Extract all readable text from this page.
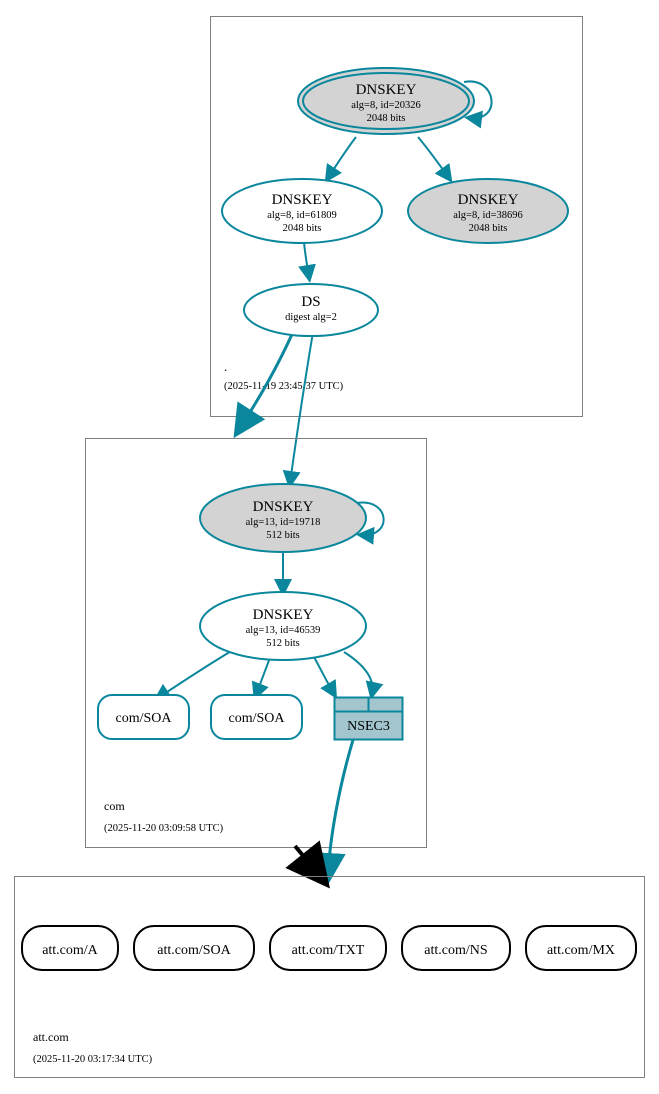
.
(2025-11-19 23:45:37 UTC)
DNSKEY
alg=8, id=20326
2048 bits
DNSKEY
alg=8, id=61809
2048 bits
DNSKEY
alg=8, id=38696
2048 bits
DS
digest alg=2
com
(2025-11-20 03:09:58 UTC)
DNSKEY
alg=13, id=19718
512 bits
DNSKEY
alg=13, id=46539
512 bits
com/SOA	com/SOA
NSEC3
att.com
(2025-11-20 03:17:34 UTC)
att.com/A	att.com/SOA	att.com/TXT	att.com/NS	att.com/MX
